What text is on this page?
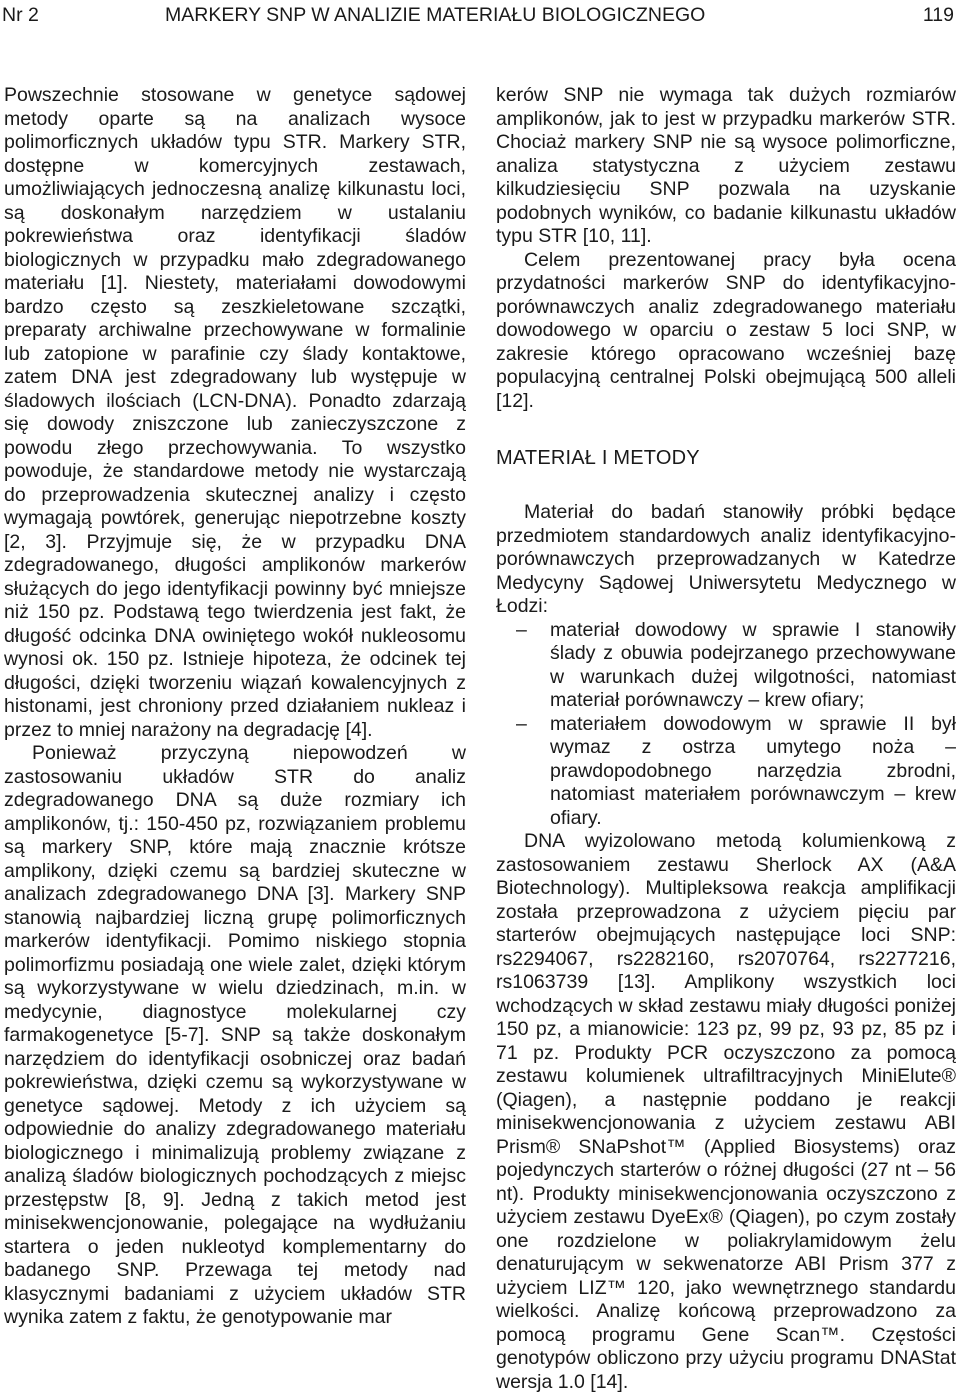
Nr 2	MARKERY SNP W ANALIZIE MATERIAŁU BIOLOGICZNEGO	119

Powszechnie stosowane w genetyce sądowej metody oparte są na analizach wysoce polimorficznych układów typu STR. Markery STR, dostępne w komercyjnych zestawach, umożliwiających jednoczesną analizę kilkunastu loci, są doskonałym narzędziem w ustalaniu pokrewieństwa oraz identyfikacji śladów biologicznych w przypadku mało zdegradowanego materiału [1]. Niestety, materiałami dowodowymi bardzo często są zeszkieletowane szczątki, preparaty archiwalne przechowywane w formalinie lub zatopione w parafinie czy ślady kontaktowe, zatem DNA jest zdegradowany lub występuje w śladowych ilościach (LCN-DNA). Ponadto zdarzają się dowody zniszczone lub zanieczyszczone z powodu złego przechowywania. To wszystko powoduje, że standardowe metody nie wystarczają do przeprowadzenia skutecznej analizy i często wymagają powtórek, generując niepotrzebne koszty [2, 3]. Przyjmuje się, że w przypadku DNA zdegradowanego, długości amplikonów markerów służących do jego identyfikacji powinny być mniejsze niż 150 pz. Podstawą tego twierdzenia jest fakt, że długość odcinka DNA owiniętego wokół nukleosomu wynosi ok. 150 pz. Istnieje hipoteza, że odcinek tej długości, dzięki tworzeniu wiązań kowalencyjnych z histonami, jest chroniony przed działaniem nukleaz i przez to mniej narażony na degradację [4].

Ponieważ przyczyną niepowodzeń w zastosowaniu układów STR do analiz zdegradowanego DNA są duże rozmiary ich amplikonów, tj.: 150-450 pz, rozwiązaniem problemu są markery SNP, które mają znacznie krótsze amplikony, dzięki czemu są bardziej skuteczne w analizach zdegradowanego DNA [3]. Markery SNP stanowią najbardziej liczną grupę polimorficznych markerów identyfikacji. Pomimo niskiego stopnia polimorfizmu posiadają one wiele zalet, dzięki którym są wykorzystywane w wielu dziedzinach, m.in. w medycynie, diagnostyce molekularnej czy farmakogenetyce [5-7]. SNP są także doskonałym narzędziem do identyfikacji osobniczej oraz badań pokrewieństwa, dzięki czemu są wykorzystywane w genetyce sądowej. Metody z ich użyciem są odpowiednie do analizy zdegradowanego materiału biologicznego i minimalizują problemy związane z analizą śladów biologicznych pochodzących z miejsc przestępstw [8, 9]. Jedną z takich metod jest minisekwencjonowanie, polegające na wydłużaniu startera o jeden nukleotyd komplementarny do badanego SNP. Przewaga tej metody nad klasycznymi badaniami z użyciem układów STR wynika zatem z faktu, że genotypowanie mar

kerów SNP nie wymaga tak dużych rozmiarów amplikonów, jak to jest w przypadku markerów STR. Chociaż markery SNP nie są wysoce polimorficzne, analiza statystyczna z użyciem zestawu kilkudziesięciu SNP pozwala na uzyskanie podobnych wyników, co badanie kilkunastu układów typu STR [10, 11].

Celem prezentowanej pracy była ocena przydatności markerów SNP do identyfikacyjno-porównawczych analiz zdegradowanego materiału dowodowego w oparciu o zestaw 5 loci SNP, w zakresie którego opracowano wcześniej bazę populacyjną centralnej Polski obejmującą 500 alleli [12].

MATERIAŁ I METODY

Materiał do badań stanowiły próbki będące przedmiotem standardowych analiz identyfikacyjno-porównawczych przeprowadzanych w Katedrze Medycyny Sądowej Uniwersytetu Medycznego w Łodzi:

– materiał dowodowy w sprawie I stanowiły ślady z obuwia podejrzanego przechowywane w warunkach dużej wilgotności, natomiast materiał porównawczy – krew ofiary;
– materiałem dowodowym w sprawie II był wymaz z ostrza umytego noża – prawdopodobnego narzędzia zbrodni, natomiast materiałem porównawczym – krew ofiary.

DNA wyizolowano metodą kolumienkową z zastosowaniem zestawu Sherlock AX (A&A Biotechnology). Multipleksowa reakcja amplifikacji została przeprowadzona z użyciem pięciu par starterów obejmujących następujące loci SNP: rs2294067, rs2282160, rs2070764, rs2277216, rs1063739 [13]. Amplikony wszystkich loci wchodzących w skład zestawu miały długości poniżej 150 pz, a mianowicie: 123 pz, 99 pz, 93 pz, 85 pz i 71 pz. Produkty PCR oczyszczono za pomocą zestawu kolumienek ultrafiltracyjnych MiniElute® (Qiagen), a następnie poddano je reakcji minisekwencjonowania z użyciem zestawu ABI Prism® SNaPshot™ (Applied Biosystems) oraz pojedynczych starterów o różnej długości (27 nt – 56 nt). Produkty minisekwencjonowania oczyszczono z użyciem zestawu DyeEx® (Qiagen), po czym zostały one rozdzielone w poliakrylamidowym żelu denaturującym w sekwenatorze ABI Prism 377 z użyciem LIZ™ 120, jako wewnętrznego standardu wielkości. Analizę końcową przeprowadzono za pomocą programu Gene Scan™. Częstości genotypów obliczono przy użyciu programu DNAStat wersja 1.0 [14].
